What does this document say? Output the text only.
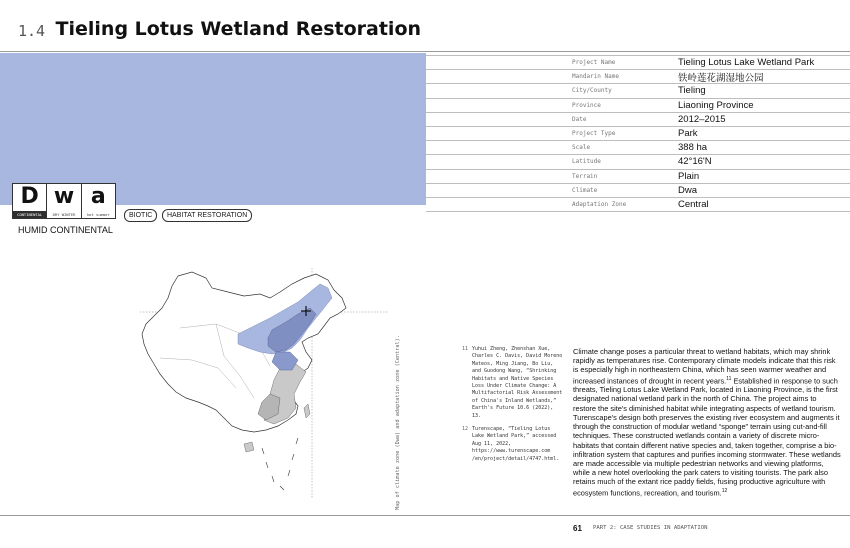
1.4 Tieling Lotus Wetland Restoration
Project Name	Tieling Lotus Lake Wetland Park
Mandarin Name	铁岭莲花湖湿地公园
City/County	Tieling
Province	Liaoning Province
Date	2012–2015
Project Type	Park
Scale	388 ha
Latitude	42°16'N
Terrain	Plain
Climate	Dwa
Adaptation Zone	Central
D
CONTINENTAL
w
DRY WINTER
a
hot summer	BIOTIC	HABITAT RESTORATION
HUMID CONTINENTAL
Map of climate zone (Dwa) and adaptation zone (Central).	11 Yuhui Zheng, Zhenshan Xue, Charles C. Davis, David Moreno Mateos, Ming Jiang, Bo Liu, and Guodong Wang, “Shrinking Habitats and Native Species Loss Under Climate Change: A Multifactorial Risk Assessment of China's Inland Wetlands,” Earth's Future 10.6 (2022), 13.
12 Turenscape, “Tieling Lotus Lake Wetland Park,” accessed Aug 11, 2022, https://www.turenscape.com /en/project/detail/4747.html.
Climate change poses a particular threat to wetland habitats, which may shrink rapidly as temperatures rise. Contemporary climate models indicate that this risk is especially high in northeastern China, which has seen warmer weather and increased instances of drought in recent years.$^{11}$ Established in response to such threats, Tieling Lotus Lake Wetland Park, located in Liaoning Province, is the first designated national wetland park in the north of China. The project aims to restore the site's diminished habitat while integrating aspects of wetland tourism. Turenscape's design both preserves the existing river ecosystem and augments it through the construction of modular wetland “sponge” terrain using cut-and-fill techniques. These constructed wetlands contain a variety of discrete micro-habitats that contain different native species and, taken together, comprise a bio-infiltration system that captures and purifies incoming stormwater. These wetlands are made accessible via multiple pedestrian networks and viewing platforms, while a new hotel overlooking the park caters to visiting tourists. The park also retains much of the extant rice paddy fields, fusing productive agriculture with ecosystem functions, recreation, and tourism.$^{12}$
61 PART 2: CASE STUDIES IN ADAPTATION
